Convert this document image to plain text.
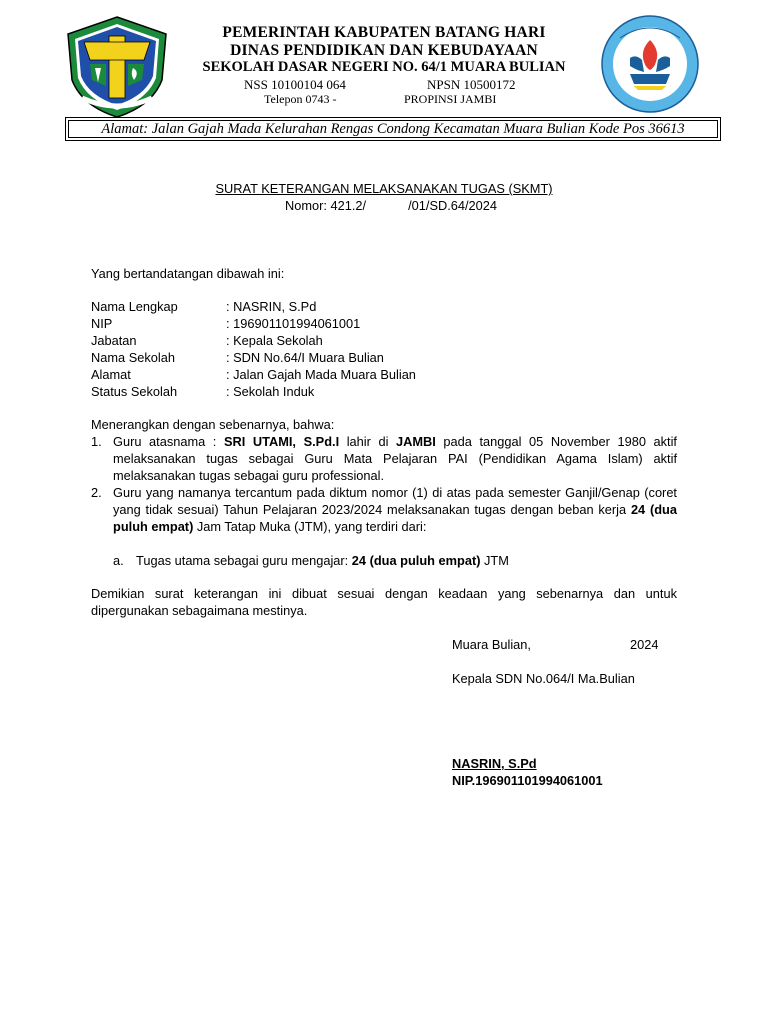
PEMERINTAH KABUPATEN BATANG HARI
DINAS PENDIDIKAN DAN KEBUDAYAAN
SEKOLAH DASAR NEGERI NO. 64/1 MUARA BULIAN
NSS 10100104 064	NPSN 10500172
Telepon 0743 -	PROPINSI JAMBI
Alamat: Jalan Gajah Mada Kelurahan Rengas Condong Kecamatan Muara Bulian Kode Pos 36613
SURAT KETERANGAN MELAKSANAKAN TUGAS (SKMT)
Nomor: 421.2/	/01/SD.64/2024
Yang bertandatangan dibawah ini:
Nama Lengkap	: NASRIN, S.Pd
NIP	: 196901101994061001
Jabatan	: Kepala Sekolah
Nama Sekolah	: SDN No.64/I Muara Bulian
Alamat	: Jalan Gajah Mada Muara Bulian
Status Sekolah	: Sekolah Induk
Menerangkan dengan sebenarnya, bahwa:
1. Guru atasnama : SRI UTAMI, S.Pd.I lahir di JAMBI pada tanggal 05 November 1980 aktif melaksanakan tugas sebagai Guru Mata Pelajaran PAI (Pendidikan Agama Islam) aktif melaksanakan tugas sebagai guru professional.
2. Guru yang namanya tercantum pada diktum nomor (1) di atas pada semester Ganjil/Genap (coret yang tidak sesuai) Tahun Pelajaran 2023/2024 melaksanakan tugas dengan beban kerja 24 (dua puluh empat) Jam Tatap Muka (JTM), yang terdiri dari:
a. Tugas utama sebagai guru mengajar: 24 (dua puluh empat) JTM
Demikian surat keterangan ini dibuat sesuai dengan keadaan yang sebenarnya dan untuk dipergunakan sebagaimana mestinya.
Muara Bulian,	2024
Kepala SDN No.064/I Ma.Bulian
NASRIN, S.Pd
NIP.196901101994061001
